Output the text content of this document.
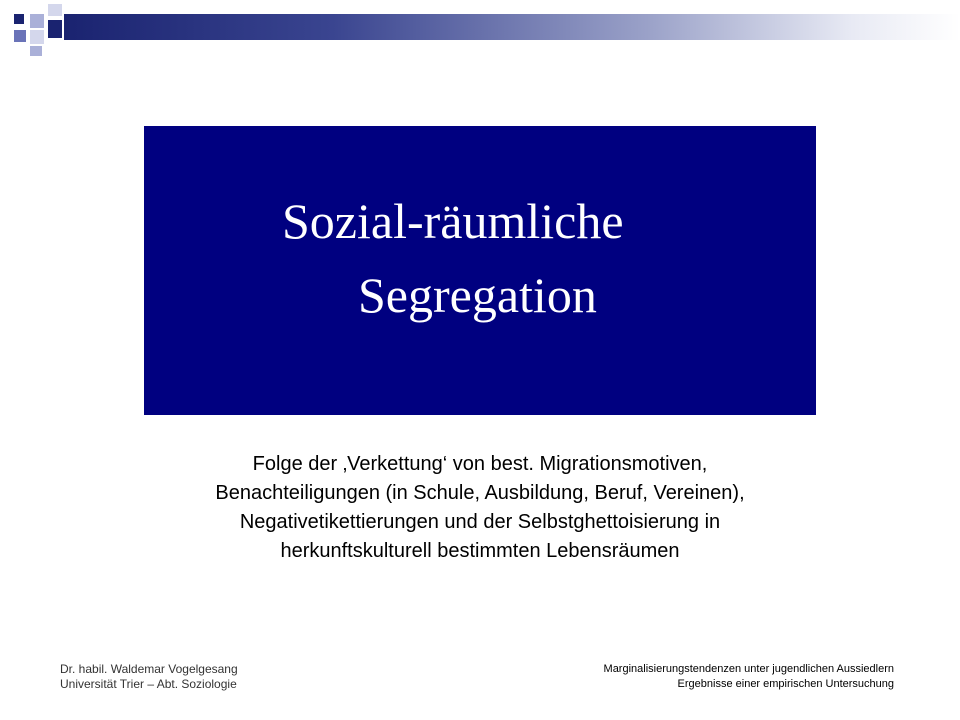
Sozial-räumliche
Segregation
Folge der ‚Verkettung‘ von best. Migrationsmotiven,
Benachteiligungen (in Schule, Ausbildung, Beruf, Vereinen),
Negativetikettierungen und der Selbstghettoisierung in
herkunftskulturell bestimmten Lebensräumen
Dr. habil. Waldemar Vogelgesang
Universität Trier – Abt. Soziologie
Marginalisierungstendenzen unter jugendlichen Aussiedlern
Ergebnisse einer empirischen Untersuchung
